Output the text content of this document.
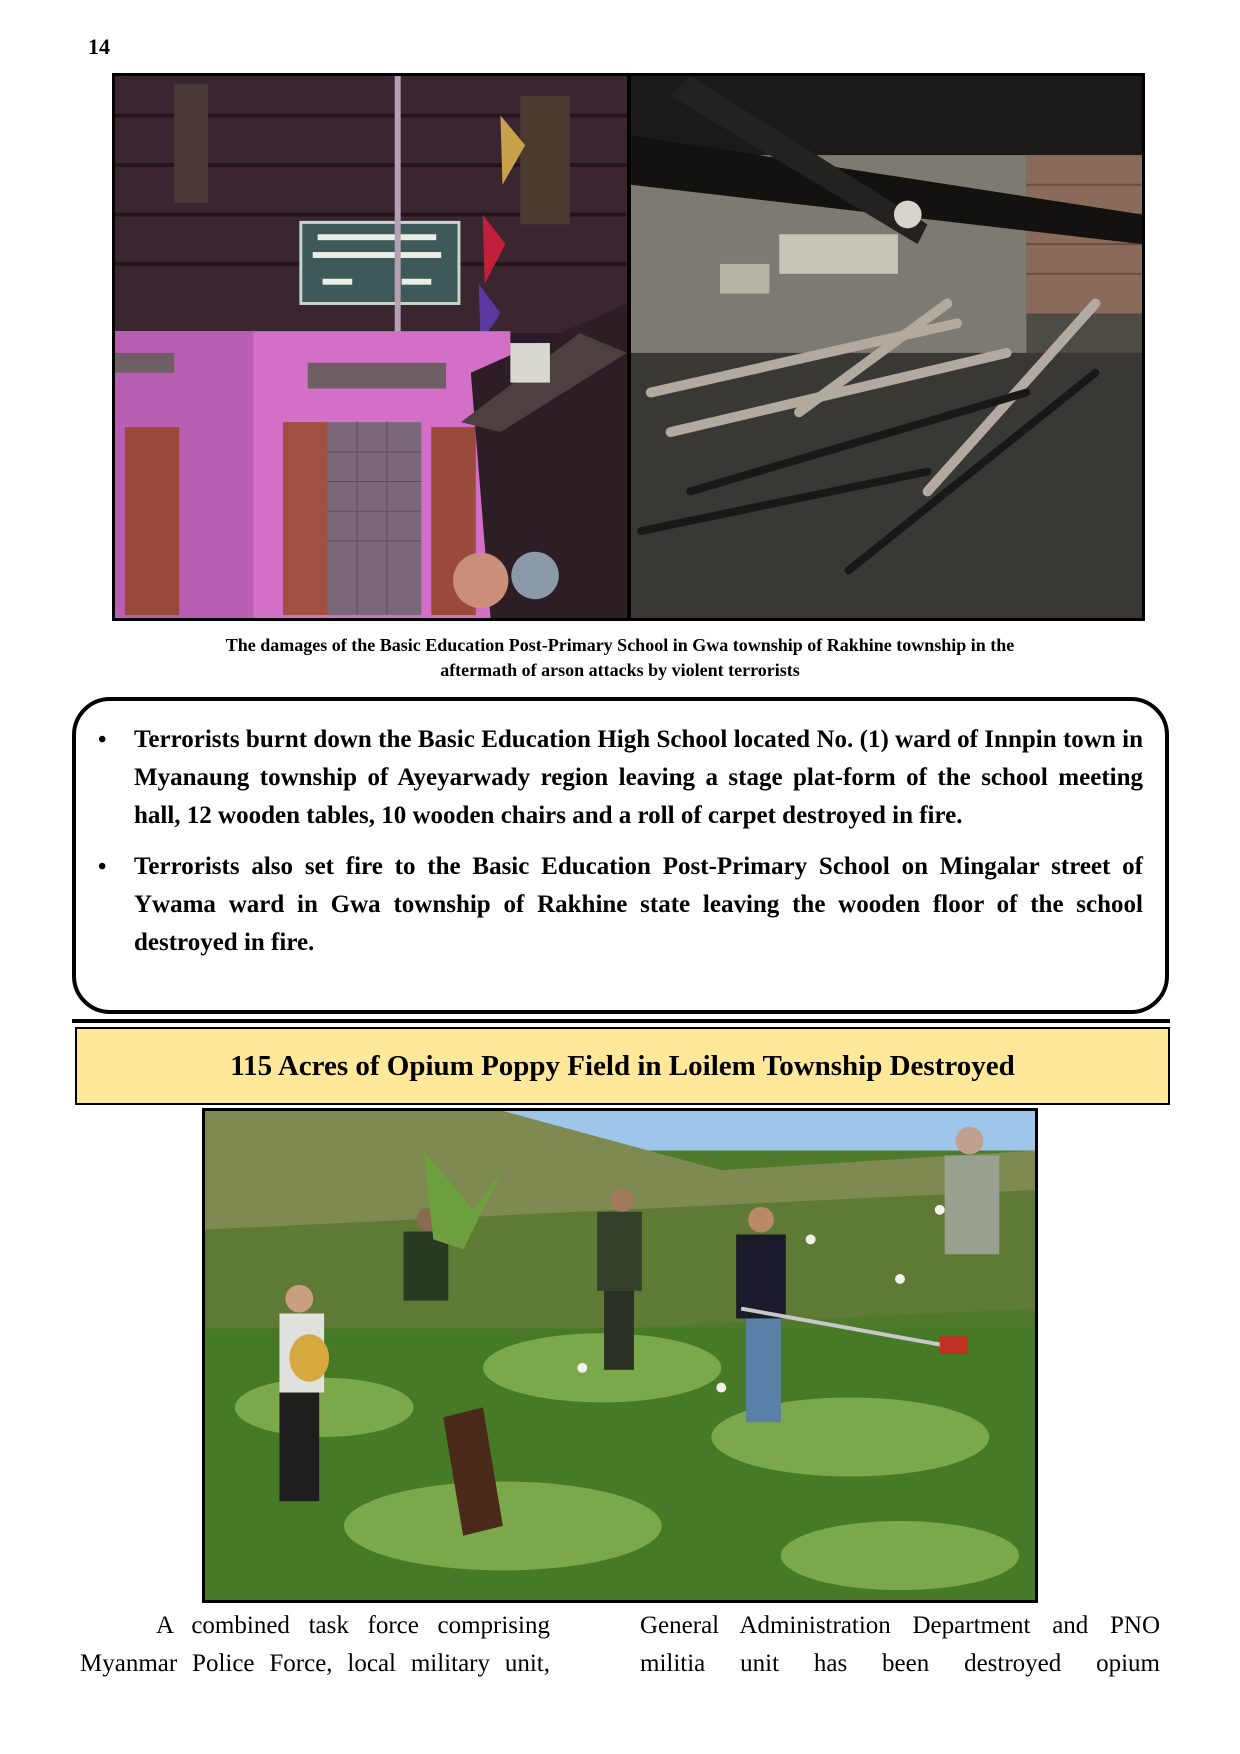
14
The damages of the Basic Education Post-Primary School in Gwa township of Rakhine township in the
aftermath of arson attacks by violent terrorists
• Terrorists burnt down the Basic Education High School located No. (1) ward of Innpin town in Myanaung township of Ayeyarwady region leaving a stage plat-form of the school meeting hall, 12 wooden tables, 10 wooden chairs and a roll of carpet destroyed in fire.
• Terrorists also set fire to the Basic Education Post-Primary School on Mingalar street of Ywama ward in Gwa township of Rakhine state leaving the wooden floor of the school destroyed in fire.
115 Acres of Opium Poppy Field in Loilem Township Destroyed
A combined task force comprising Myanmar Police Force, local military unit,
General Administration Department and PNO militia unit has been destroyed opium
